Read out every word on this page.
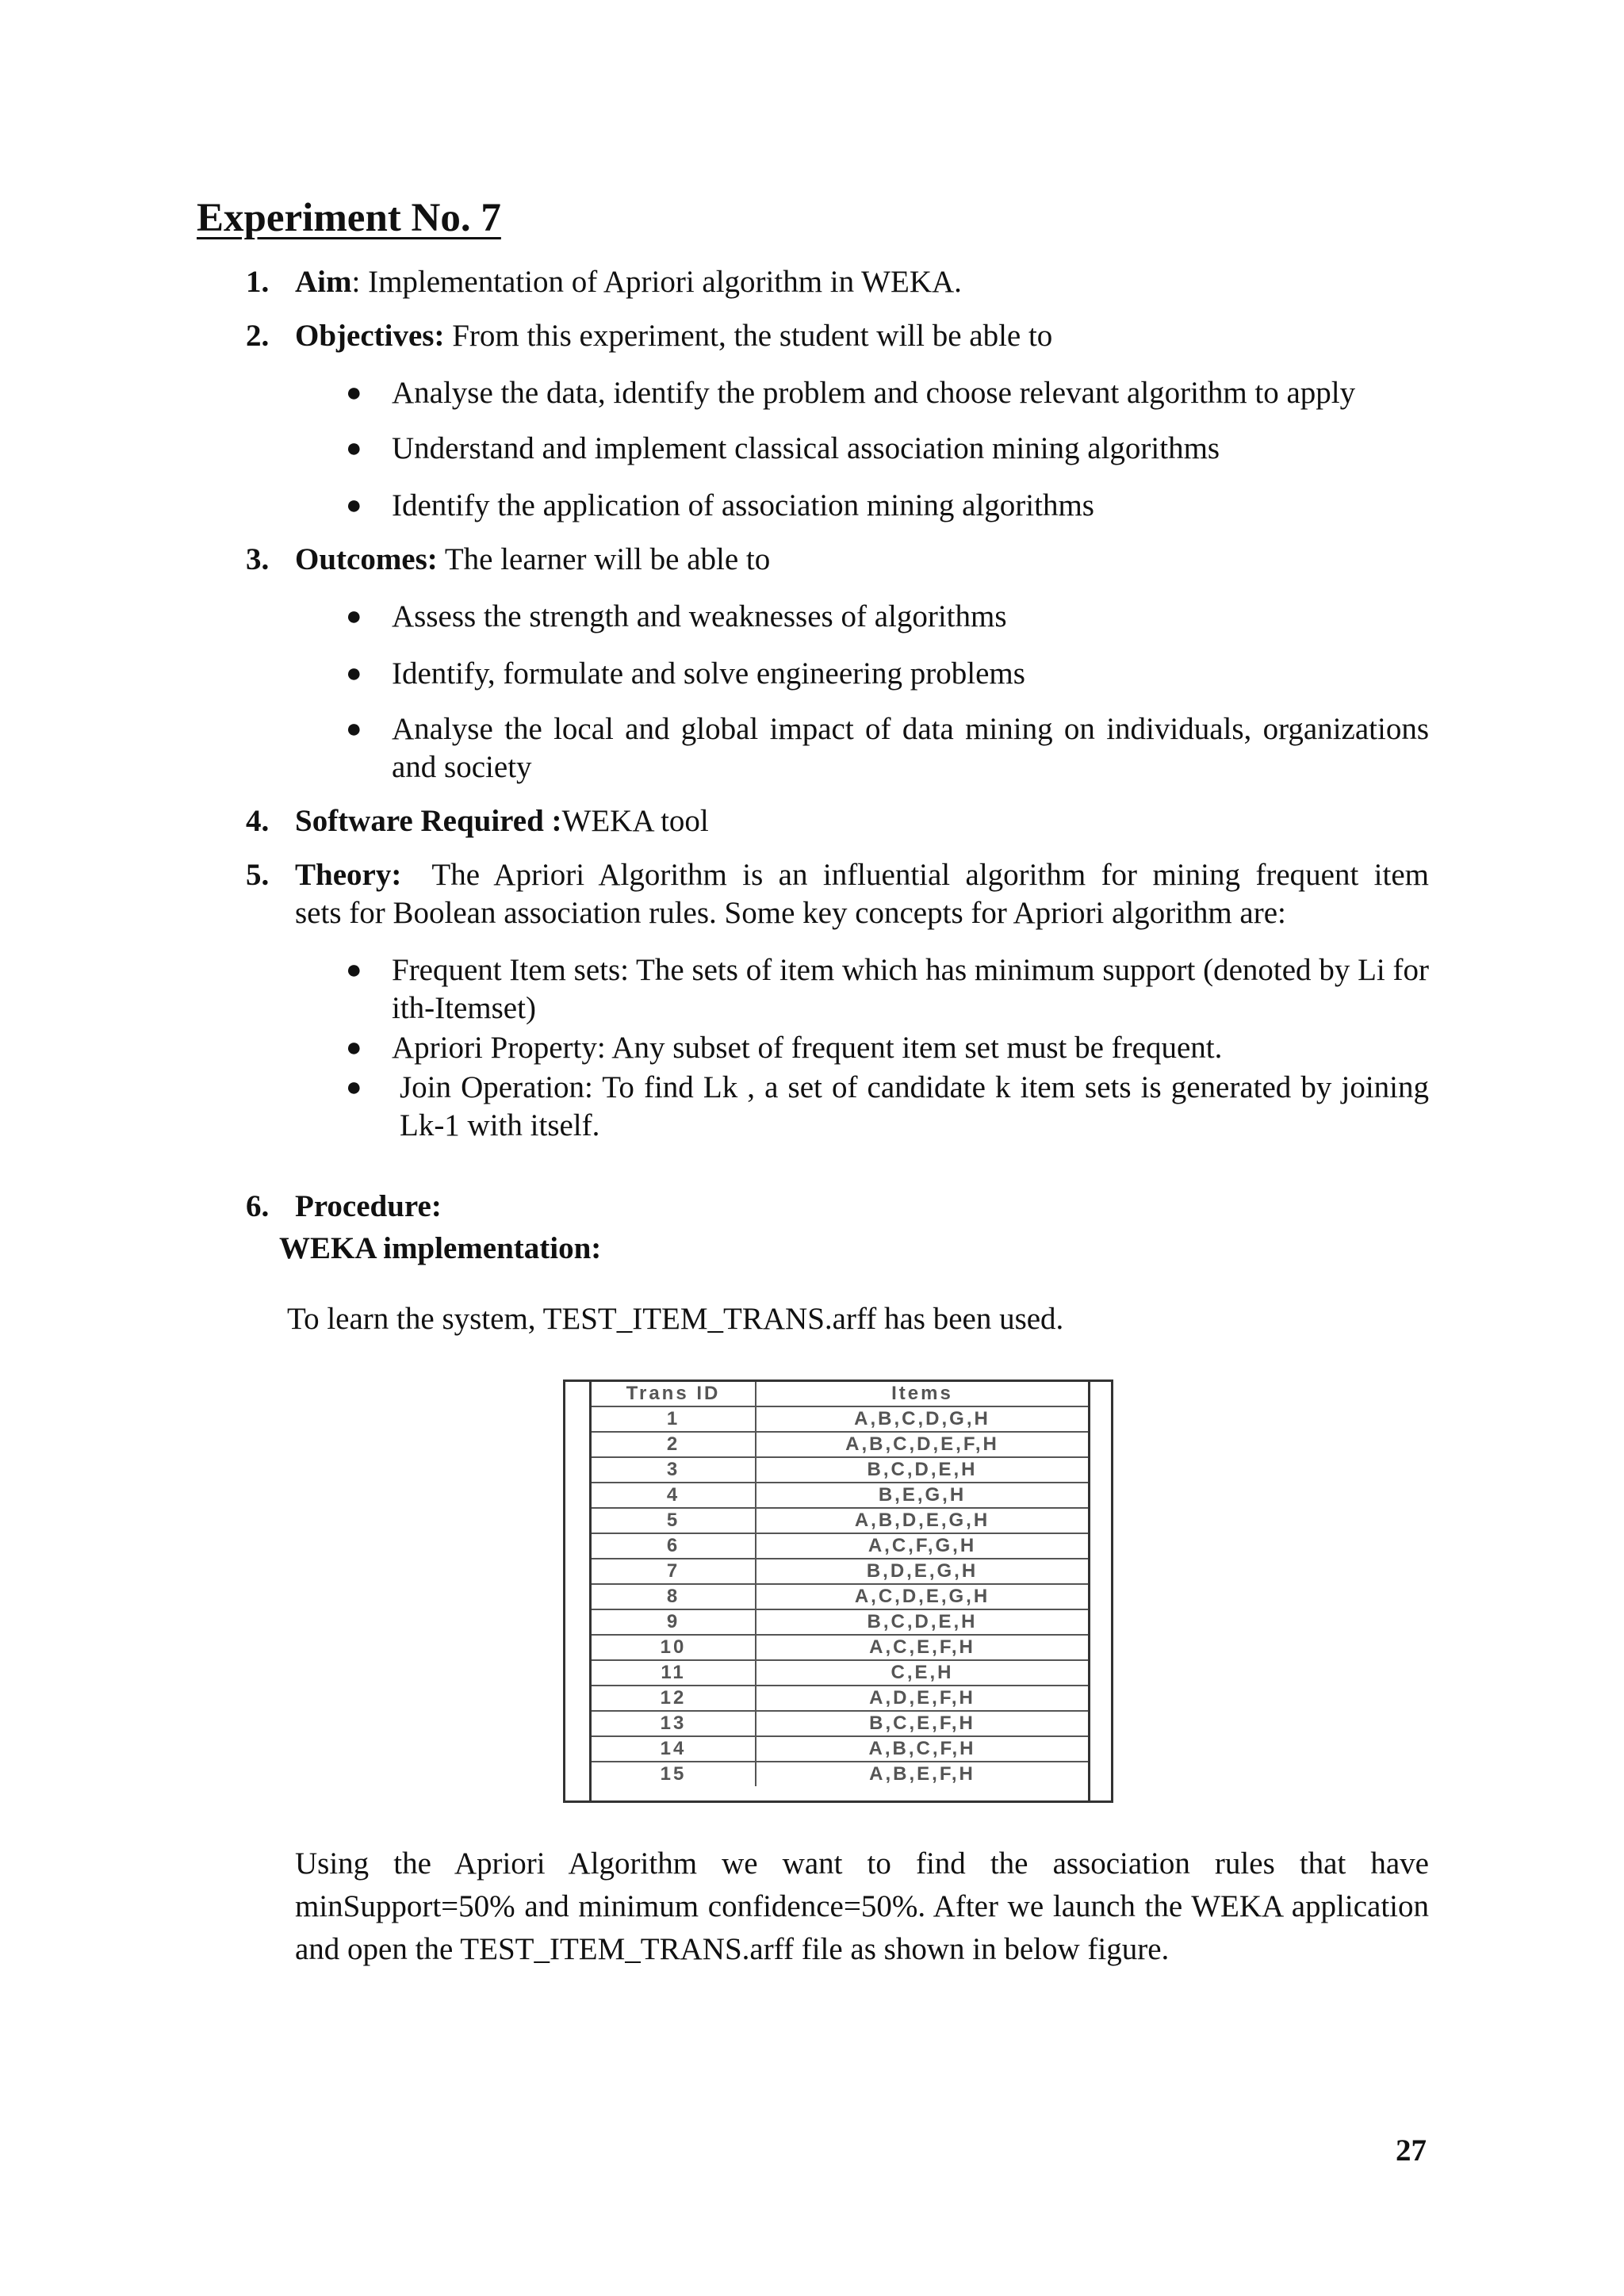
Experiment No. 7
1. Aim: Implementation of Apriori algorithm in WEKA.
2. Objectives: From this experiment, the student will be able to
● Analyse the data, identify the problem and choose relevant algorithm to apply
● Understand and implement classical association mining algorithms
● Identify the application of association mining algorithms
3. Outcomes: The learner will be able to
● Assess the strength and weaknesses of algorithms
● Identify, formulate and solve engineering problems
● Analyse the local and global impact of data mining on individuals, organizations and society
4. Software Required :WEKA tool
5. Theory:  The Apriori Algorithm is an influential algorithm for mining frequent item
sets for Boolean association rules. Some key concepts for Apriori algorithm are:
● Frequent Item sets: The sets of item which has minimum support (denoted by Li for ith-Itemset)
● Apriori Property: Any subset of frequent item set must be frequent.
● Join Operation: To find Lk , a set of candidate k item sets is generated by joining Lk-1 with itself.
6. Procedure:
WEKA implementation:
To learn the system, TEST_ITEM_TRANS.arff has been used.
Trans ID	Items
1	A,B,C,D,G,H
2	A,B,C,D,E,F,H
3	B,C,D,E,H
4	B,E,G,H
5	A,B,D,E,G,H
6	A,C,F,G,H
7	B,D,E,G,H
8	A,C,D,E,G,H
9	B,C,D,E,H
10	A,C,E,F,H
11	C,E,H
12	A,D,E,F,H
13	B,C,E,F,H
14	A,B,C,F,H
15	A,B,E,F,H
Using the Apriori Algorithm we want to find the association rules that have minSupport=50% and minimum confidence=50%. After we launch the WEKA application and open the TEST_ITEM_TRANS.arff file as shown in below figure.
27
